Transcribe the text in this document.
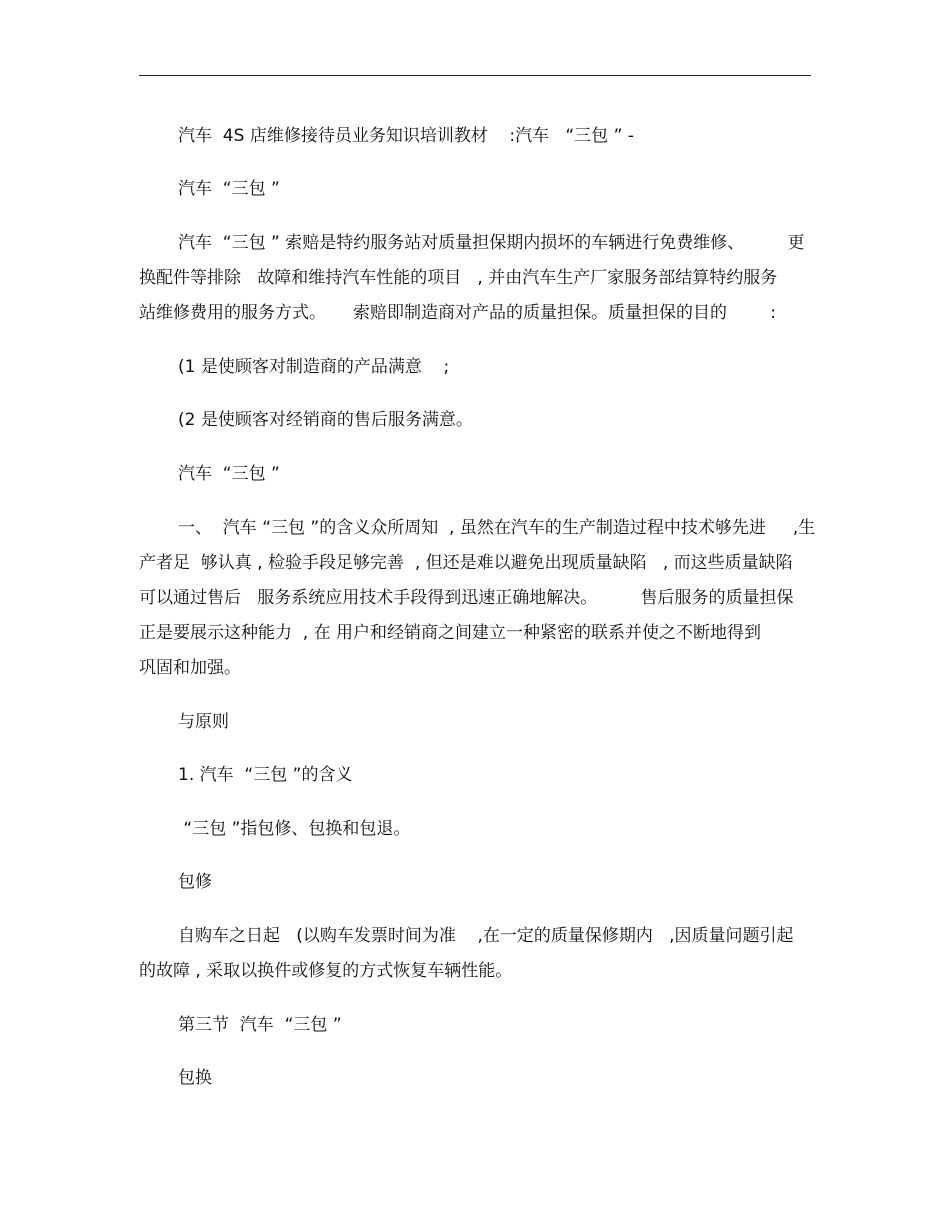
汽车  4S 店维修接待员业务知识培训教材    :汽车   “三包 ” -
汽车  “三包 ”
汽车  “三包 ” 索赔是特约服务站对质量担保期内损坏的车辆进行免费维修、        更
换配件等排除   故障和维持汽车性能的项目   , 并由汽车生产厂家服务部结算特约服务
站维修费用的服务方式。     索赔即制造商对产品的质量担保。质量担保的目的        :
(1 是使顾客对制造商的产品满意    ;
(2 是使顾客对经销商的售后服务满意。
汽车  “三包 ”
一、  汽车 “三包 ”的含义众所周知  , 虽然在汽车的生产制造过程中技术够先进     ,生
产者足  够认真 , 检验手段足够完善  , 但还是难以避免出现质量缺陷   , 而这些质量缺陷
可以通过售后   服务系统应用技术手段得到迅速正确地解决。        售后服务的质量担保
正是要展示这种能力  , 在 用户和经销商之间建立一种紧密的联系并使之不断地得到
巩固和加强。
与原则
1. 汽车  “三包 ”的含义
“三包 ”指包修、包换和包退。
包修
自购车之日起   (以购车发票时间为准    ,在一定的质量保修期内   ,因质量问题引起
的故障 , 采取以换件或修复的方式恢复车辆性能。
第三节  汽车  “三包 ”
包换
